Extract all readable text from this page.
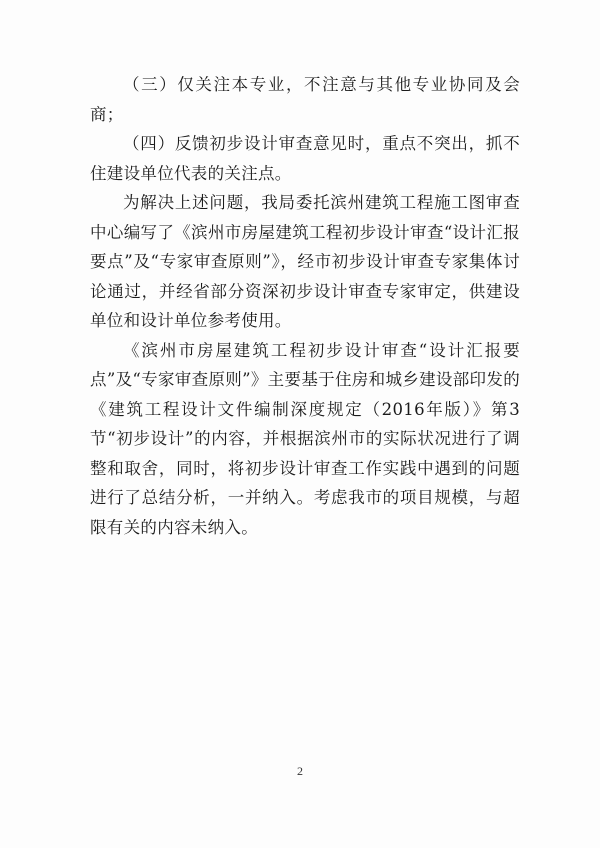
（三）仅关注本专业，不注意与其他专业协同及会商；

（四）反馈初步设计审查意见时，重点不突出，抓不住建设单位代表的关注点。

为解决上述问题，我局委托滨州建筑工程施工图审查中心编写了《滨州市房屋建筑工程初步设计审查“设计汇报要点”及“专家审查原则”》，经市初步设计审查专家集体讨论通过，并经省部分资深初步设计审查专家审定，供建设单位和设计单位参考使用。

《滨州市房屋建筑工程初步设计审查“设计汇报要点”及“专家审查原则”》主要基于住房和城乡建设部印发的《建筑工程设计文件编制深度规定（2016年版）》第3节“初步设计”的内容，并根据滨州市的实际状况进行了调整和取舍，同时，将初步设计审查工作实践中遇到的问题进行了总结分析，一并纳入。考虑我市的项目规模，与超限有关的内容未纳入。

2
